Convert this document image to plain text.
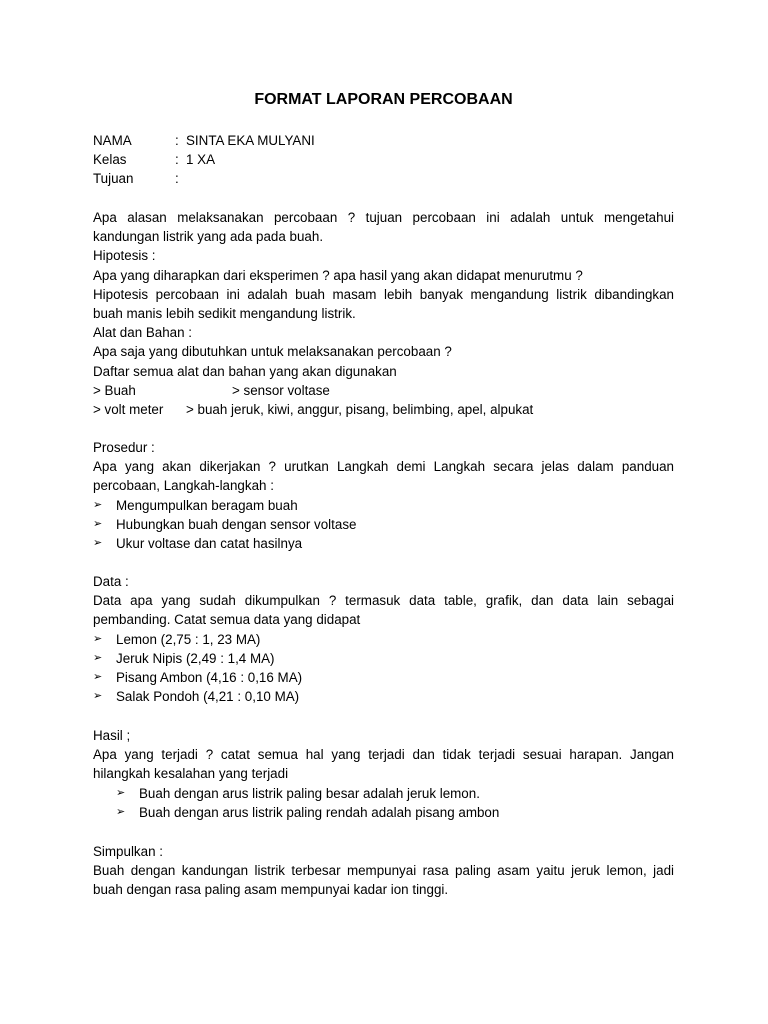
FORMAT LAPORAN PERCOBAAN
NAMA	: SINTA EKA MULYANI
Kelas	: 1 XA
Tujuan	:
Apa alasan melaksanakan percobaan ? tujuan percobaan ini adalah untuk mengetahui
kandungan listrik yang ada pada buah.
Hipotesis :
Apa yang diharapkan dari eksperimen ? apa hasil yang akan didapat menurutmu ?
Hipotesis percobaan ini adalah buah masam lebih banyak mengandung listrik dibandingkan
buah manis lebih sedikit mengandung listrik.
Alat dan Bahan :
Apa saja yang dibutuhkan untuk melaksanakan percobaan ?
Daftar semua alat dan bahan yang akan digunakan
> Buah	> sensor voltase
> volt meter	> buah jeruk, kiwi, anggur, pisang, belimbing, apel, alpukat
Prosedur :
Apa yang akan dikerjakan ? urutkan Langkah demi Langkah secara jelas dalam panduan
percobaan, Langkah-langkah :
➢	Mengumpulkan beragam buah
➢	Hubungkan buah dengan sensor voltase
➢	Ukur voltase dan catat hasilnya
Data :
Data apa yang sudah dikumpulkan ? termasuk data table, grafik, dan data lain sebagai
pembanding. Catat semua data yang didapat
➢	Lemon (2,75 : 1, 23 MA)
➢	Jeruk Nipis (2,49 : 1,4 MA)
➢	Pisang Ambon (4,16 : 0,16 MA)
➢	Salak Pondoh (4,21 : 0,10 MA)
Hasil ;
Apa yang terjadi ? catat semua hal yang terjadi dan tidak terjadi sesuai harapan. Jangan
hilangkah kesalahan yang terjadi
➢	Buah dengan arus listrik paling besar adalah jeruk lemon.
➢	Buah dengan arus listrik paling rendah adalah pisang ambon
Simpulkan :
Buah dengan kandungan listrik terbesar mempunyai rasa paling asam yaitu jeruk lemon, jadi
buah dengan rasa paling asam mempunyai kadar ion tinggi.
